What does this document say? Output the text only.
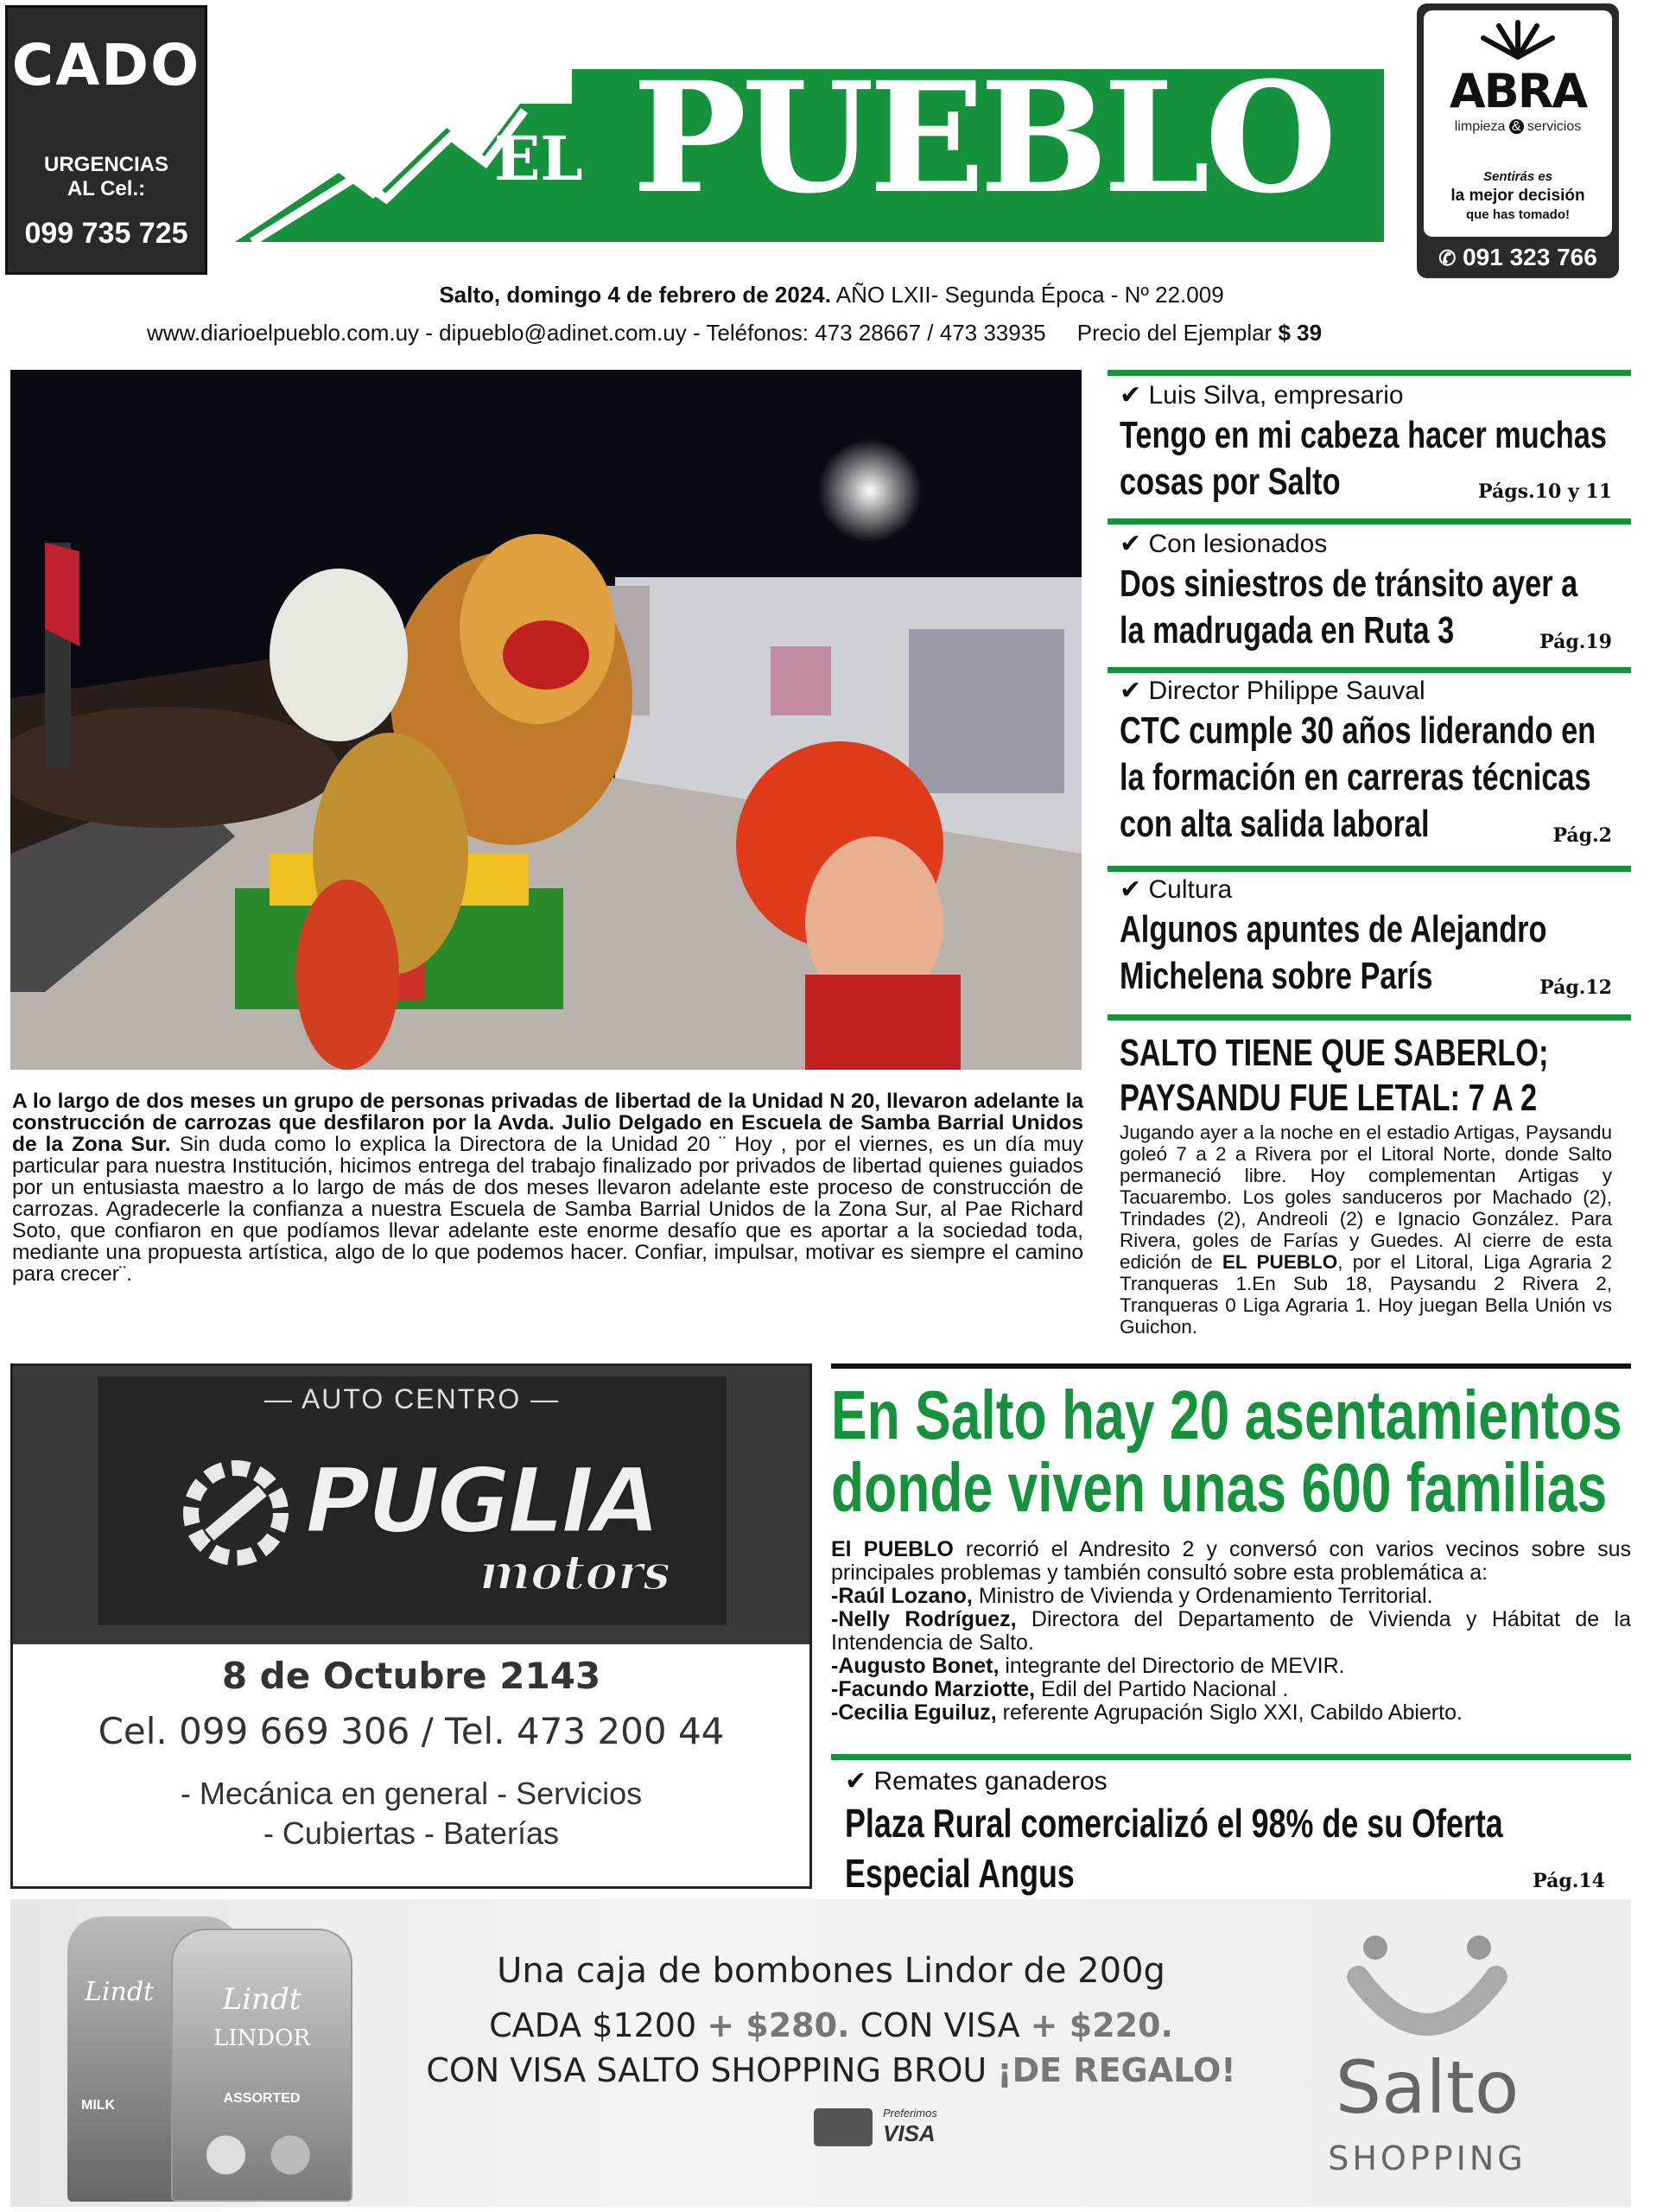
CADO
URGENCIAS
AL Cel.:
099 735 725
EL PUEBLO	ABRA
limpieza & servicios
Sentirás es
la mejor decisión
que has tomado!
✆ 091 323 766
Salto, domingo 4 de febrero de 2024. AÑO LXII- Segunda Época - Nº 22.009
www.diarioelpueblo.com.uy - dipueblo@adinet.com.uy - Teléfonos: 473 28667 / 473 33935 Precio del Ejemplar $ 39
A lo largo de dos meses un grupo de personas privadas de libertad de la Unidad N 20, llevaron adelante la construcción de carrozas que desfilaron por la Avda. Julio Delgado en Escuela de Samba Barrial Unidos de la Zona Sur. Sin duda como lo explica la Directora de la Unidad 20 ¨ Hoy , por el viernes, es un día muy particular para nuestra Institución, hicimos entrega del trabajo finalizado por privados de libertad quienes guiados por un entusiasta maestro a lo largo de más de dos meses llevaron adelante este proceso de construcción de carrozas. Agradecerle la confianza a nuestra Escuela de Samba Barrial Unidos de la Zona Sur, al Pae Richard Soto, que confiaron en que podíamos llevar adelante este enorme desafío que es aportar a la sociedad toda, mediante una propuesta artística, algo de lo que podemos hacer. Confiar, impulsar, motivar es siempre el camino para crecer¨.
✔ Luis Silva, empresario
Tengo en mi cabeza hacer muchas
cosas por Salto	Págs.10 y 11
✔ Con lesionados
Dos siniestros de tránsito ayer a
la madrugada en Ruta 3	Pág.19
✔ Director Philippe Sauval
CTC cumple 30 años liderando en
la formación en carreras técnicas
con alta salida laboral	Pág.2
✔ Cultura
Algunos apuntes de Alejandro
Michelena sobre París	Pág.12
SALTO TIENE QUE SABERLO;
PAYSANDU FUE LETAL: 7 A 2
Jugando ayer a la noche en el estadio Artigas, Paysandu goleó 7 a 2 a Rivera por el Litoral Norte, donde Salto permaneció libre. Hoy complementan Artigas y Tacuarembo. Los goles sanduceros por Machado (2), Trindades (2), Andreoli (2) e Ignacio González. Para Rivera, goles de Farías y Guedes. Al cierre de esta edición de EL PUEBLO, por el Litoral, Liga Agraria 2 Tranqueras 1.En Sub 18, Paysandu 2 Rivera 2, Tranqueras 0 Liga Agraria 1. Hoy juegan Bella Unión vs Guichon.
— AUTO CENTRO —
PUGLIA
motors
8 de Octubre 2143
Cel. 099 669 306 / Tel. 473 200 44
- Mecánica en general - Servicios
- Cubiertas - Baterías
En Salto hay 20 asentamientos
donde viven unas 600 familias
El PUEBLO recorrió el Andresito 2 y conversó con varios vecinos sobre sus principales problemas y también consultó sobre esta problemática a:
-Raúl Lozano, Ministro de Vivienda y Ordenamiento Territorial.
-Nelly Rodríguez, Directora del Departamento de Vivienda y Hábitat de la Intendencia de Salto.
-Augusto Bonet, integrante del Directorio de MEVIR.
-Facundo Marziotte, Edil del Partido Nacional .
-Cecilia Eguiluz, referente Agrupación Siglo XXI, Cabildo Abierto.
✔ Remates ganaderos
Plaza Rural comercializó el 98% de su Oferta
Especial Angus	Pág.14
Lindt
MILK
Lindt
LINDOR
ASSORTED
Una caja de bombones Lindor de 200g
CADA $1200 + $280. CON VISA + $220.
CON VISA SALTO SHOPPING BROU ¡DE REGALO!
Preferimos
VISA
Salto
SHOPPING
